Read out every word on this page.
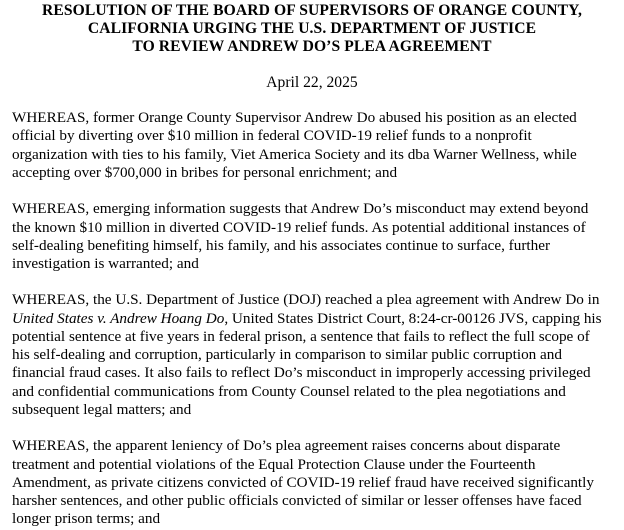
RESOLUTION OF THE BOARD OF SUPERVISORS OF ORANGE COUNTY,
CALIFORNIA URGING THE U.S. DEPARTMENT OF JUSTICE
TO REVIEW ANDREW DO’S PLEA AGREEMENT
April 22, 2025
WHEREAS, former Orange County Supervisor Andrew Do abused his position as an elected
official by diverting over $10 million in federal COVID-19 relief funds to a nonprofit
organization with ties to his family, Viet America Society and its dba Warner Wellness, while
accepting over $700,000 in bribes for personal enrichment; and
WHEREAS, emerging information suggests that Andrew Do’s misconduct may extend beyond
the known $10 million in diverted COVID-19 relief funds. As potential additional instances of
self-dealing benefiting himself, his family, and his associates continue to surface, further
investigation is warranted; and
WHEREAS, the U.S. Department of Justice (DOJ) reached a plea agreement with Andrew Do in
United States v. Andrew Hoang Do, United States District Court, 8:24-cr-00126 JVS, capping his
potential sentence at five years in federal prison, a sentence that fails to reflect the full scope of
his self-dealing and corruption, particularly in comparison to similar public corruption and
financial fraud cases. It also fails to reflect Do’s misconduct in improperly accessing privileged
and confidential communications from County Counsel related to the plea negotiations and
subsequent legal matters; and
WHEREAS, the apparent leniency of Do’s plea agreement raises concerns about disparate
treatment and potential violations of the Equal Protection Clause under the Fourteenth
Amendment, as private citizens convicted of COVID-19 relief fraud have received significantly
harsher sentences, and other public officials convicted of similar or lesser offenses have faced
longer prison terms; and
